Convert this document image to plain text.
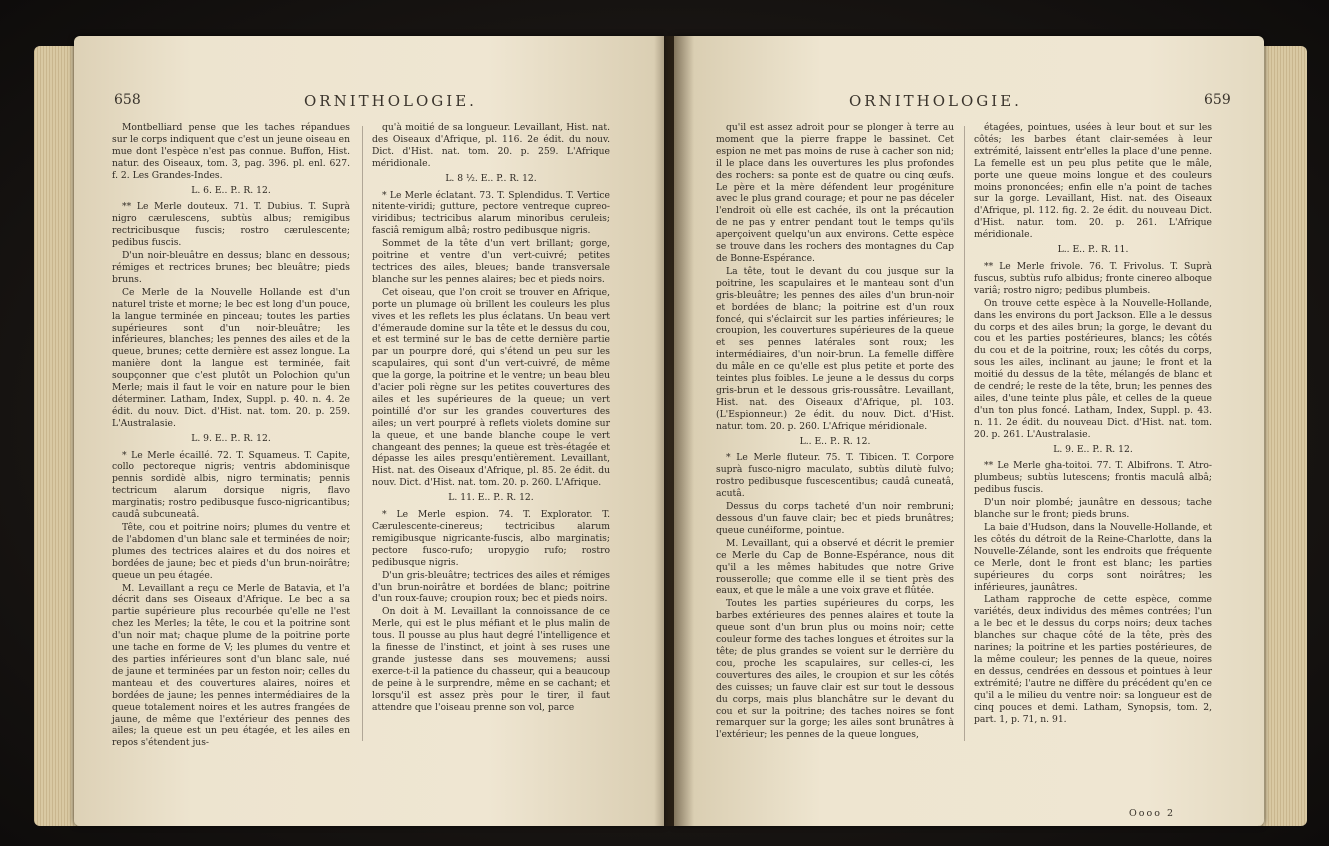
658	ORNITHOLOGIE.

Montbelliard pense que les taches répandues sur le corps indiquent que c'est un jeune oiseau en mue dont l'espèce n'est pas connue. Buffon, Hist. natur. des Oiseaux, tom. 3, pag. 396. pl. enl. 627. f. 2. Les Grandes-Indes.

L. 6. E.. P.. R. 12.

** Le Merle douteux. 71. T. Dubius. T. Suprà nigro cærulescens, subtùs albus; remigibus rectricibusque fuscis; rostro cærulescente; pedibus fuscis.

D'un noir-bleuâtre en dessus; blanc en dessous; rémiges et rectrices brunes; bec bleuâtre; pieds bruns.

Ce Merle de la Nouvelle Hollande est d'un naturel triste et morne; le bec est long d'un pouce, la langue terminée en pinceau; toutes les parties supérieures sont d'un noir-bleuâtre; les inférieures, blanches; les pennes des ailes et de la queue, brunes; cette dernière est assez longue. La manière dont la langue est terminée, fait soupçonner que c'est plutôt un Polochion qu'un Merle; mais il faut le voir en nature pour le bien déterminer. Latham, Index, Suppl. p. 40. n. 4. 2e édit. du nouv. Dict. d'Hist. nat. tom. 20. p. 259. L'Australasie.

L. 9. E.. P.. R. 12.

* Le Merle écaillé. 72. T. Squameus. T. Capite, collo pectoreque nigris; ventris abdominisque pennis sordidè albis, nigro terminatis; pennis tectricum alarum dorsique nigris, flavo marginatis; rostro pedibusque fusco-nigricantibus; caudâ subcuneatâ.

Tête, cou et poitrine noirs; plumes du ventre et de l'abdomen d'un blanc sale et terminées de noir; plumes des tectrices alaires et du dos noires et bordées de jaune; bec et pieds d'un brun-noirâtre; queue un peu étagée.

M. Levaillant a reçu ce Merle de Batavia, et l'a décrit dans ses Oiseaux d'Afrique. Le bec a sa partie supérieure plus recourbée qu'elle ne l'est chez les Merles; la tête, le cou et la poitrine sont d'un noir mat; chaque plume de la poitrine porte une tache en forme de V; les plumes du ventre et des parties inférieures sont d'un blanc sale, nué de jaune et terminées par un feston noir; celles du manteau et des couvertures alaires, noires et bordées de jaune; les pennes intermédiaires de la queue totalement noires et les autres frangées de jaune, de même que l'extérieur des pennes des ailes; la queue est un peu étagée, et les ailes en repos s'étendent jus-

qu'à moitié de sa longueur. Levaillant, Hist. nat. des Oiseaux d'Afrique, pl. 116. 2e édit. du nouv. Dict. d'Hist. nat. tom. 20. p. 259. L'Afrique méridionale.

L. 8 ½. E.. P.. R. 12.

* Le Merle éclatant. 73. T. Splendidus. T. Vertice nitente-viridi; gutture, pectore ventreque cupreo-viridibus; tectricibus alarum minoribus ceruleis; fasciâ remigum albâ; rostro pedibusque nigris.

Sommet de la tête d'un vert brillant; gorge, poitrine et ventre d'un vert-cuivré; petites tectrices des ailes, bleues; bande transversale blanche sur les pennes alaires; bec et pieds noirs.

Cet oiseau, que l'on croit se trouver en Afrique, porte un plumage où brillent les couleurs les plus vives et les reflets les plus éclatans. Un beau vert d'émeraude domine sur la tête et le dessus du cou, et est terminé sur le bas de cette dernière partie par un pourpre doré, qui s'étend un peu sur les scapulaires, qui sont d'un vert-cuivré, de même que la gorge, la poitrine et le ventre; un beau bleu d'acier poli règne sur les petites couvertures des ailes et les supérieures de la queue; un vert pointillé d'or sur les grandes couvertures des ailes; un vert pourpré à reflets violets domine sur la queue, et une bande blanche coupe le vert changeant des pennes; la queue est très-étagée et dépasse les ailes presqu'entièrement. Levaillant, Hist. nat. des Oiseaux d'Afrique, pl. 85. 2e édit. du nouv. Dict. d'Hist. nat. tom. 20. p. 260. L'Afrique.

L. 11. E.. P.. R. 12.

* Le Merle espion. 74. T. Explorator. T. Cærulescente-cinereus; tectricibus alarum remigibusque nigricante-fuscis, albo marginatis; pectore fusco-rufo; uropygio rufo; rostro pedibusque nigris.

D'un gris-bleuâtre; tectrices des ailes et rémiges d'un brun-noirâtre et bordées de blanc; poitrine d'un roux-fauve; croupion roux; bec et pieds noirs.

On doit à M. Levaillant la connoissance de ce Merle, qui est le plus méfiant et le plus malin de tous. Il pousse au plus haut degré l'intelligence et la finesse de l'instinct, et joint à ses ruses une grande justesse dans ses mouvemens; aussi exerce-t-il la patience du chasseur, qui a beaucoup de peine à le surprendre, même en se cachant; et lorsqu'il est assez près pour le tirer, il faut attendre que l'oiseau prenne son vol, parce

ORNITHOLOGIE.	659

qu'il est assez adroit pour se plonger à terre au moment que la pierre frappe le bassinet. Cet espion ne met pas moins de ruse à cacher son nid; il le place dans les ouvertures les plus profondes des rochers: sa ponte est de quatre ou cinq œufs. Le père et la mère défendent leur progéniture avec le plus grand courage; et pour ne pas déceler l'endroit où elle est cachée, ils ont la précaution de ne pas y entrer pendant tout le temps qu'ils aperçoivent quelqu'un aux environs. Cette espèce se trouve dans les rochers des montagnes du Cap de Bonne-Espérance.

La tête, tout le devant du cou jusque sur la poitrine, les scapulaires et le manteau sont d'un gris-bleuâtre; les pennes des ailes d'un brun-noir et bordées de blanc; la poitrine est d'un roux foncé, qui s'éclaircit sur les parties inférieures; le croupion, les couvertures supérieures de la queue et ses pennes latérales sont roux; les intermédiaires, d'un noir-brun. La femelle diffère du mâle en ce qu'elle est plus petite et porte des teintes plus foibles. Le jeune a le dessus du corps gris-brun et le dessous gris-roussâtre. Levaillant, Hist. nat. des Oiseaux d'Afrique, pl. 103. (L'Espionneur.) 2e édit. du nouv. Dict. d'Hist. natur. tom. 20. p. 260. L'Afrique méridionale.

L.. E.. P.. R. 12.

* Le Merle fluteur. 75. T. Tibicen. T. Corpore suprà fusco-nigro maculato, subtùs dilutè fulvo; rostro pedibusque fuscescentibus; caudâ cuneatâ, acutâ.

Dessus du corps tacheté d'un noir rembruni; dessous d'un fauve clair; bec et pieds brunâtres; queue cunéiforme, pointue.

M. Levaillant, qui a observé et décrit le premier ce Merle du Cap de Bonne-Espérance, nous dit qu'il a les mêmes habitudes que notre Grive rousserolle; que comme elle il se tient près des eaux, et que le mâle a une voix grave et flûtée.

Toutes les parties supérieures du corps, les barbes extérieures des pennes alaires et toute la queue sont d'un brun plus ou moins noir; cette couleur forme des taches longues et étroites sur la tête; de plus grandes se voient sur le derrière du cou, proche les scapulaires, sur celles-ci, les couvertures des ailes, le croupion et sur les côtés des cuisses; un fauve clair est sur tout le dessous du corps, mais plus blanchâtre sur le devant du cou et sur la poitrine; des taches noires se font remarquer sur la gorge; les ailes sont brunâtres à l'extérieur; les pennes de la queue longues,

étagées, pointues, usées à leur bout et sur les côtés; les barbes étant clair-semées à leur extrémité, laissent entr'elles la place d'une penne. La femelle est un peu plus petite que le mâle, porte une queue moins longue et des couleurs moins prononcées; enfin elle n'a point de taches sur la gorge. Levaillant, Hist. nat. des Oiseaux d'Afrique, pl. 112. fig. 2. 2e édit. du nouveau Dict. d'Hist. natur. tom. 20. p. 261. L'Afrique méridionale.

L.. E.. P.. R. 11.

** Le Merle frivole. 76. T. Frivolus. T. Suprà fuscus, subtùs rufo albidus; fronte cinereo alboque variâ; rostro nigro; pedibus plumbeis.

On trouve cette espèce à la Nouvelle-Hollande, dans les environs du port Jackson. Elle a le dessus du corps et des ailes brun; la gorge, le devant du cou et les parties postérieures, blancs; les côtés du cou et de la poitrine, roux; les côtés du corps, sous les ailes, inclinant au jaune; le front et la moitié du dessus de la tête, mélangés de blanc et de cendré; le reste de la tête, brun; les pennes des ailes, d'une teinte plus pâle, et celles de la queue d'un ton plus foncé. Latham, Index, Suppl. p. 43. n. 11. 2e édit. du nouveau Dict. d'Hist. nat. tom. 20. p. 261. L'Australasie.

L. 9. E.. P.. R. 12.

** Le Merle gha-toitoi. 77. T. Albifrons. T. Atro-plumbeus; subtùs lutescens; frontis maculâ albâ; pedibus fuscis.

D'un noir plombé; jaunâtre en dessous; tache blanche sur le front; pieds bruns.

La baie d'Hudson, dans la Nouvelle-Hollande, et les côtés du détroit de la Reine-Charlotte, dans la Nouvelle-Zélande, sont les endroits que fréquente ce Merle, dont le front est blanc; les parties supérieures du corps sont noirâtres; les inférieures, jaunâtres.

Latham rapproche de cette espèce, comme variétés, deux individus des mêmes contrées; l'un a le bec et le dessus du corps noirs; deux taches blanches sur chaque côté de la tête, près des narines; la poitrine et les parties postérieures, de la même couleur; les pennes de la queue, noires en dessus, cendrées en dessous et pointues à leur extrémité; l'autre ne diffère du précédent qu'en ce qu'il a le milieu du ventre noir: sa longueur est de cinq pouces et demi. Latham, Synopsis, tom. 2, part. 1, p. 71, n. 91.

Oooo 2
